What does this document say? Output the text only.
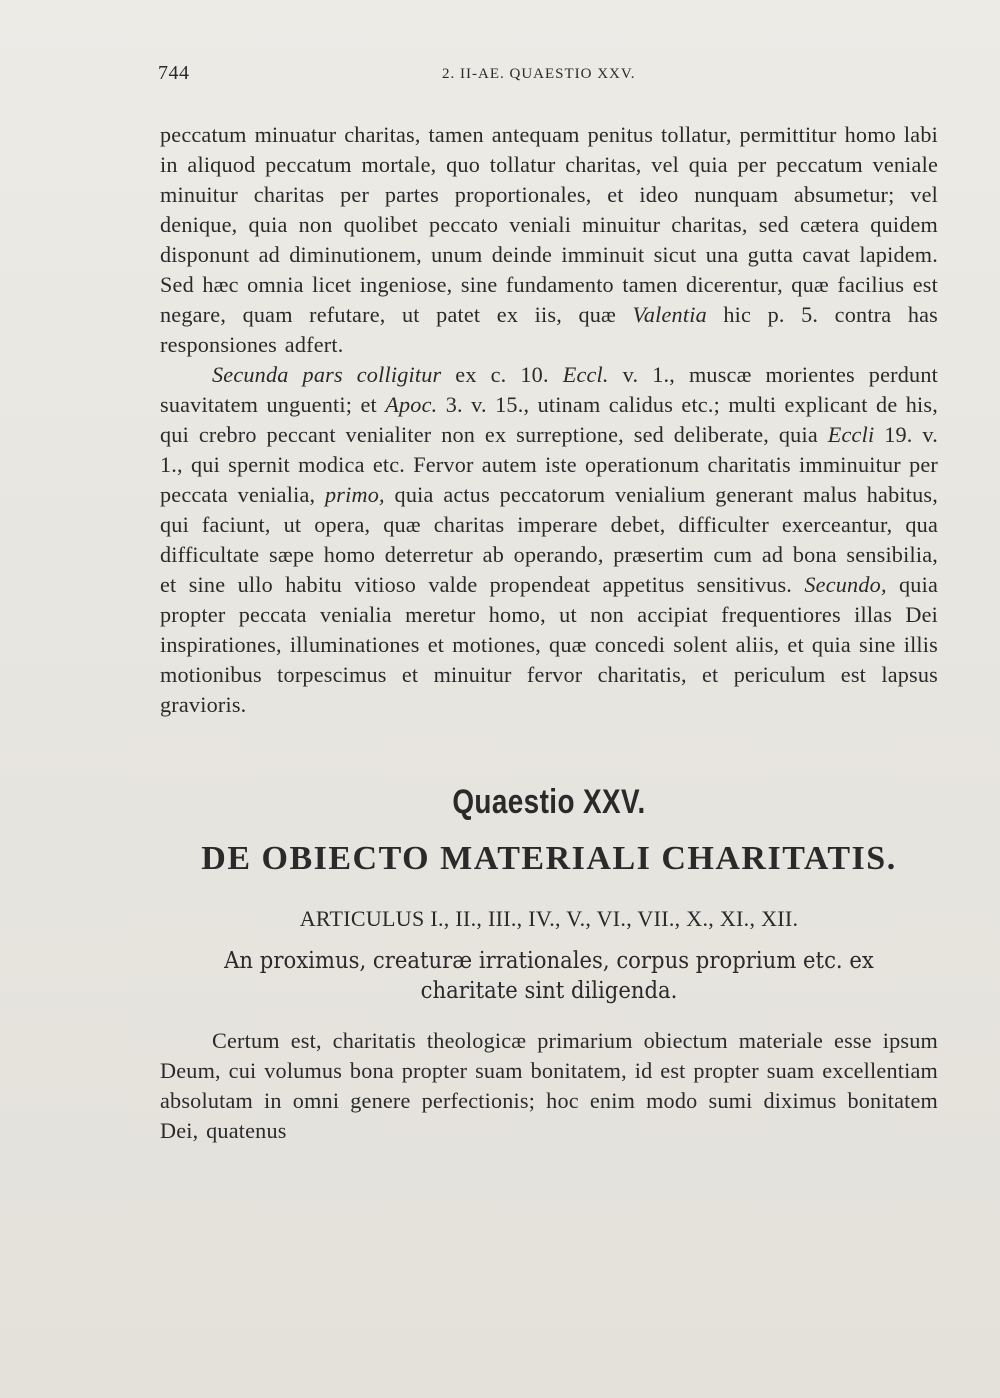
744	2. II-AE. QUAESTIO XXV.

peccatum minuatur charitas, tamen antequam penitus tollatur, permittitur homo labi in aliquod peccatum mortale, quo tollatur charitas, vel quia per peccatum veniale minuitur charitas per partes proportionales, et ideo nunquam absumetur; vel denique, quia non quolibet peccato veniali minuitur charitas, sed cætera quidem disponunt ad diminutionem, unum deinde imminuit sicut una gutta cavat lapidem. Sed hæc omnia licet ingeniose, sine fundamento tamen dicerentur, quæ facilius est negare, quam refutare, ut patet ex iis, quæ Valentia hic p. 5. contra has responsiones adfert.

Secunda pars colligitur ex c. 10. Eccl. v. 1., muscæ morientes perdunt suavitatem unguenti; et Apoc. 3. v. 15., utinam calidus etc.; multi explicant de his, qui crebro peccant venialiter non ex surreptione, sed deliberate, quia Eccli 19. v. 1., qui spernit modica etc. Fervor autem iste operationum charitatis imminuitur per peccata venialia, primo, quia actus peccatorum venialium generant malus habitus, qui faciunt, ut opera, quæ charitas imperare debet, difficulter exerceantur, qua difficultate sæpe homo deterretur ab operando, præsertim cum ad bona sensibilia, et sine ullo habitu vitioso valde propendeat appetitus sensitivus. Secundo, quia propter peccata venialia meretur homo, ut non accipiat frequentiores illas Dei inspirationes, illuminationes et motiones, quæ concedi solent aliis, et quia sine illis motionibus torpescimus et minuitur fervor charitatis, et periculum est lapsus gravioris.

Quaestio XXV.
DE OBIECTO MATERIALI CHARITATIS.
ARTICULUS I., II., III., IV., V., VI., VII., X., XI., XII.
An proximus, creaturæ irrationales, corpus proprium etc. ex charitate sint diligenda.

Certum est, charitatis theologicæ primarium obiectum materiale esse ipsum Deum, cui volumus bona propter suam bonitatem, id est propter suam excellentiam absolutam in omni genere perfectionis; hoc enim modo sumi diximus bonitatem Dei, quatenus
